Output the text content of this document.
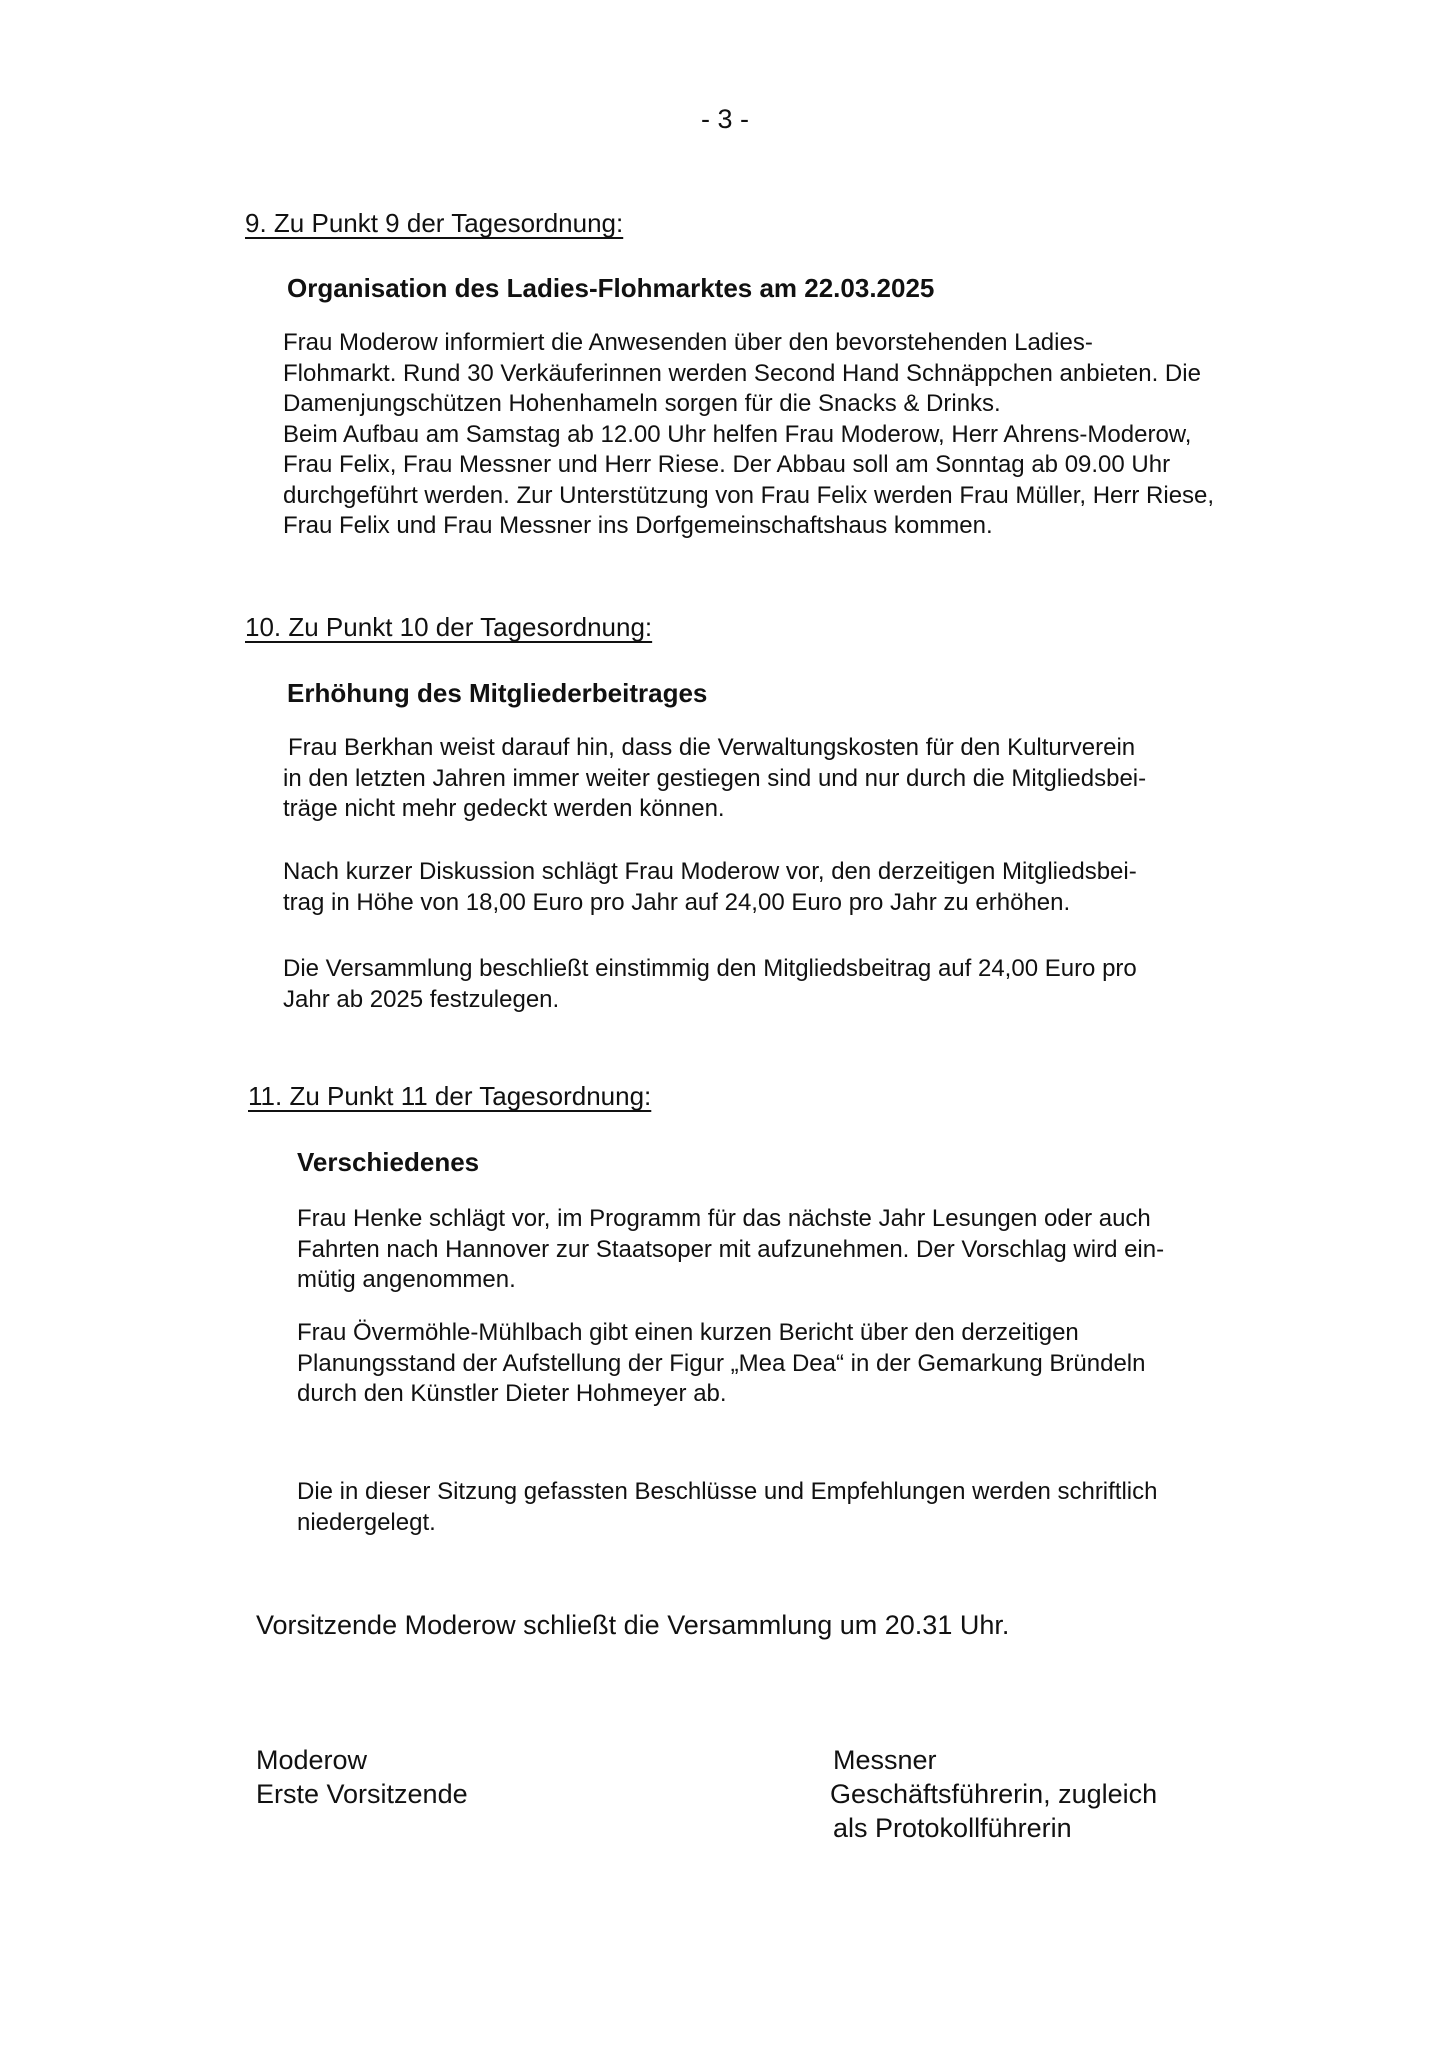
- 3 -
9. Zu Punkt 9 der Tagesordnung:
Organisation des Ladies-Flohmarktes am 22.03.2025
Frau Moderow informiert die Anwesenden über den bevorstehenden Ladies-
Flohmarkt. Rund 30 Verkäuferinnen werden Second Hand Schnäppchen anbieten. Die
Damenjungschützen Hohenhameln sorgen für die Snacks & Drinks.
Beim Aufbau am Samstag ab 12.00 Uhr helfen Frau Moderow, Herr Ahrens-Moderow,
Frau Felix, Frau Messner und Herr Riese. Der Abbau soll am Sonntag ab 09.00 Uhr
durchgeführt werden. Zur Unterstützung von Frau Felix werden Frau Müller, Herr Riese,
Frau Felix und Frau Messner ins Dorfgemeinschaftshaus kommen.
10. Zu Punkt 10 der Tagesordnung:
Erhöhung des Mitgliederbeitrages
Frau Berkhan weist darauf hin, dass die Verwaltungskosten für den Kulturverein
in den letzten Jahren immer weiter gestiegen sind und nur durch die Mitgliedsbei-
träge nicht mehr gedeckt werden können.
Nach kurzer Diskussion schlägt Frau Moderow vor, den derzeitigen Mitgliedsbei-
trag in Höhe von 18,00 Euro pro Jahr auf 24,00 Euro pro Jahr zu erhöhen.
Die Versammlung beschließt einstimmig den Mitgliedsbeitrag auf 24,00 Euro pro
Jahr ab 2025 festzulegen.
11. Zu Punkt 11 der Tagesordnung:
Verschiedenes
Frau Henke schlägt vor, im Programm für das nächste Jahr Lesungen oder auch
Fahrten nach Hannover zur Staatsoper mit aufzunehmen. Der Vorschlag wird ein-
mütig angenommen.
Frau Övermöhle-Mühlbach gibt einen kurzen Bericht über den derzeitigen
Planungsstand der Aufstellung der Figur „Mea Dea“ in der Gemarkung Bründeln
durch den Künstler Dieter Hohmeyer ab.
Die in dieser Sitzung gefassten Beschlüsse und Empfehlungen werden schriftlich
niedergelegt.
Vorsitzende Moderow schließt die Versammlung um 20.31 Uhr.
Moderow
Erste Vorsitzende
Messner
Geschäftsführerin, zugleich
als Protokollführerin
